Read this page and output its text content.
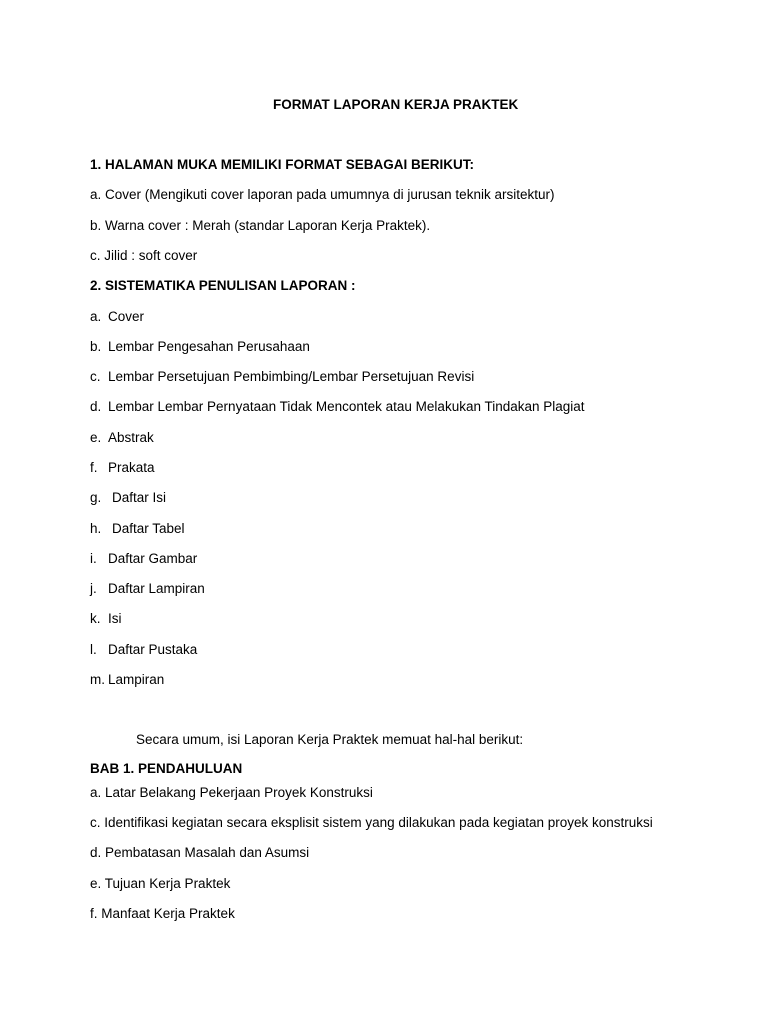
FORMAT LAPORAN KERJA PRAKTEK
1. HALAMAN MUKA MEMILIKI FORMAT SEBAGAI BERIKUT:
a. Cover (Mengikuti cover laporan pada umumnya di jurusan teknik arsitektur)
b. Warna cover : Merah (standar Laporan Kerja Praktek).
c. Jilid : soft cover
2. SISTEMATIKA PENULISAN LAPORAN :
a. Cover
b. Lembar Pengesahan Perusahaan
c. Lembar Persetujuan Pembimbing/Lembar Persetujuan Revisi
d. Lembar Lembar Pernyataan Tidak Mencontek atau Melakukan Tindakan Plagiat
e. Abstrak
f. Prakata
g. Daftar Isi
h. Daftar Tabel
i. Daftar Gambar
j. Daftar Lampiran
k. Isi
l. Daftar Pustaka
m. Lampiran
Secara umum, isi Laporan Kerja Praktek memuat hal-hal berikut:
BAB 1. PENDAHULUAN
a. Latar Belakang Pekerjaan Proyek Konstruksi
c. Identifikasi kegiatan secara eksplisit sistem yang dilakukan pada kegiatan proyek konstruksi
d. Pembatasan Masalah dan Asumsi
e. Tujuan Kerja Praktek
f. Manfaat Kerja Praktek
